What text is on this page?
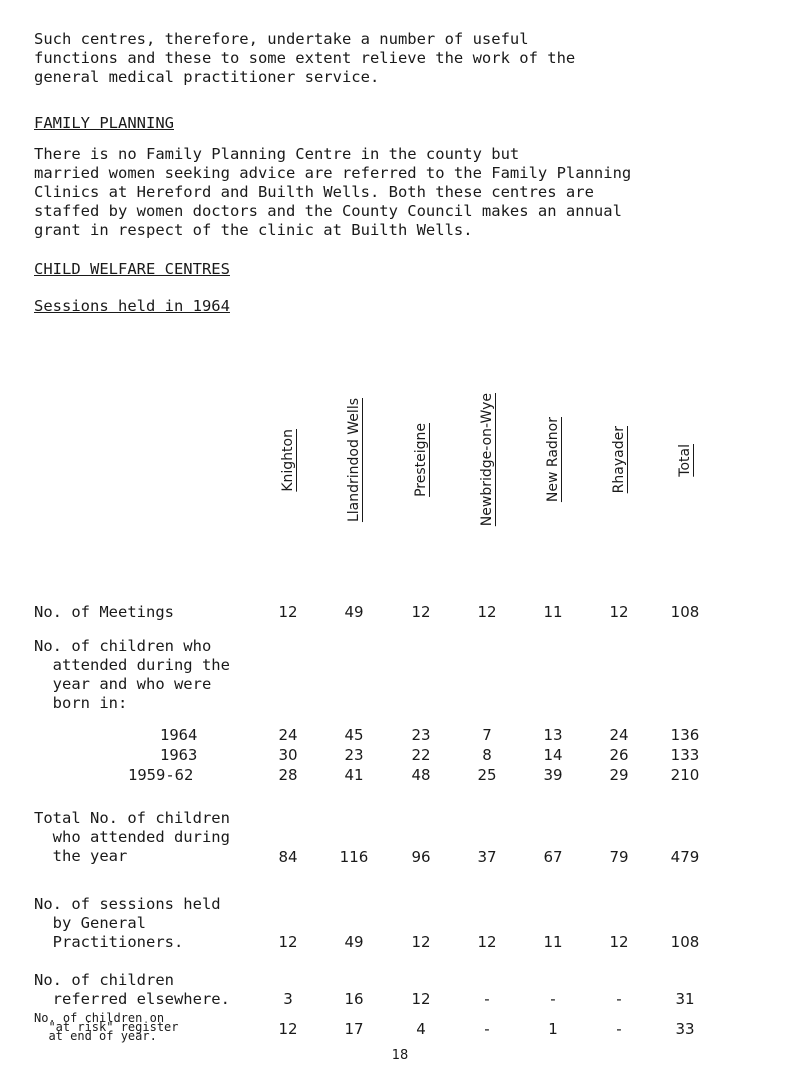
Such centres, therefore, undertake a number of useful
functions and these to some extent relieve the work of the
general medical practitioner service.

FAMILY PLANNING

There is no Family Planning Centre in the county but
married women seeking advice are referred to the Family Planning
Clinics at Hereford and Builth Wells. Both these centres are
staffed by women doctors and the County Council makes an annual
grant in respect of the clinic at Builth Wells.

CHILD WELFARE CENTRES
Sessions held in 1964
Knighton	Llandrindod Wells	Presteigne	Newbridge-on-Wye	New Radnor	Rhayader	Total
No. of Meetings	12	49	12	12	11	12	108
No. of children who
attended during the
year and who were
born in:
1964	24	45	23	7	13	24	136
1963	30	23	22	8	14	26	133
1959-62	28	41	48	25	39	29	210
Total No. of children
who attended during
the year	84	116	96	37	67	79	479
No. of sessions held
by General
Practitioners.	12	49	12	12	11	12	108
No. of children
referred elsewhere.	3	16	12	-	-	-	31
No. of children on
"at risk" register
at end of year.	12	17	4	-	1	-	33
18
